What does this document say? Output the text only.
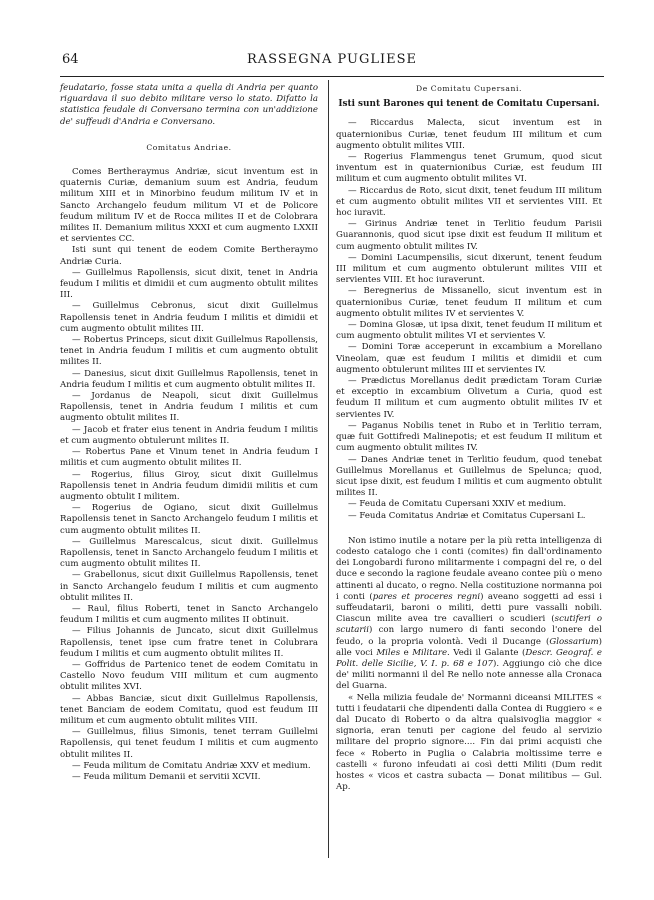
64	RASSEGNA PUGLIESE

feudatario, fosse stata unita a quella di Andria per quanto riguardava il suo debito militare verso lo stato. Difatto la statistica feudale di Conversano termina con un'addizione de' suffeudi d'Andria e Conversano.

Comitatus Andriae.

Comes Bertheraymus Andriæ, sicut inventum est in quaternis Curiæ, demanium suum est Andria, feudum militum XIII et in Minorbino feudum militum IV et in Sancto Archangelo feudum militum VI et de Policore feudum militum IV et de Rocca milites II et de Colobrara milites II. Demanium militus XXXI et cum augmento LXXII et servientes CC.

Isti sunt qui tenent de eodem Comite Bertheraymo Andriæ Curia.

— Guillelmus Rapollensis, sicut dixit, tenet in Andria feudum I militis et dimidii et cum augmento obtulit milites III.

— Guillelmus Cebronus, sicut dixit Guillelmus Rapollensis tenet in Andria feudum I militis et dimidii et cum augmento obtulit milites III.

— Robertus Princeps, sicut dixit Guillelmus Rapollensis, tenet in Andria feudum I militis et cum augmento obtulit milites II.

— Danesius, sicut dixit Guillelmus Rapollensis, tenet in Andria feudum I militis et cum augmento obtulit milites II.

— Jordanus de Neapoli, sicut dixit Guillelmus Rapollensis, tenet in Andria feudum I militis et cum augmento obtulit milites II.

— Jacob et frater eius tenent in Andria feudum I militis et cum augmento obtulerunt milites II.

— Robertus Pane et Vinum tenet in Andria feudum I militis et cum augmento obtulit milites II.

— Rogerius, filius Giroy, sicut dixit Guillelmus Rapollensis tenet in Andria feudum dimidii militis et cum augmento obtulit I militem.

— Rogerius de Ogiano, sicut dixit Guillelmus Rapollensis tenet in Sancto Archangelo feudum I militis et cum augmento obtulit milites II.

— Guillelmus Marescalcus, sicut dixit. Guillelmus Rapollensis, tenet in Sancto Archangelo feudum I militis et cum augmento obtulit milites II.

— Grabellonus, sicut dixit Guillelmus Rapollensis, tenet in Sancto Archangelo feudum I militis et cum augmento obtulit milites II.

— Raul, filius Roberti, tenet in Sancto Archangelo feudum I militis et cum augmento milites II obtinuit.

— Filius Johannis de Juncato, sicut dixit Guillelmus Rapollensis, tenet ipse cum fratre tenet in Colubrara feudum I militis et cum augmento obtulit milites II.

— Goffridus de Partenico tenet de eodem Comitatu in Castello Novo feudum VIII militum et cum augmento obtulit milites XVI.

— Abbas Banciæ, sicut dixit Guillelmus Rapollensis, tenet Banciam de eodem Comitatu, quod est feudum III militum et cum augmento obtulit milites VIII.

— Guillelmus, filius Simonis, tenet terram Guillelmi Rapollensis, qui tenet feudum I militis et cum augmento obtulit milites II.

— Feuda militum de Comitatu Andriæ XXV et medium.

— Feuda militum Demanii et servitii XCVII.

De Comitatu Cupersani.

Isti sunt Barones qui tenent de Comitatu Cupersani.

— Riccardus Malecta, sicut inventum est in quaternionibus Curiæ, tenet feudum III militum et cum augmento obtulit milites VIII.

— Rogerius Flammengus tenet Grumum, quod sicut inventum est in quaternionibus Curiæ, est feudum III militum et cum augmento obtulit milites VI.

— Riccardus de Roto, sicut dixit, tenet feudum III militum et cum augmento obtulit milites VII et servientes VIII. Et hoc iuravit.

— Girinus Andriæ tenet in Terlitio feudum Parisii Guarannonis, quod sicut ipse dixit est feudum II militum et cum augmento obtulit milites IV.

— Domini Lacumpensilis, sicut dixerunt, tenent feudum III militum et cum augmento obtulerunt milites VIII et servientes VIII. Et hoc iuraverunt.

— Beregnerius de Missanello, sicut inventum est in quaternionibus Curiæ, tenet feudum II militum et cum augmento obtulit milites IV et servientes V.

— Domina Glosæ, ut ipsa dixit, tenet feudum II militum et cum augmento obtulit milites VI et servientes V.

— Domini Toræ acceperunt in excambium a Morellano Vineolam, quæ est feudum I militis et dimidii et cum augmento obtulerunt milites III et servientes IV.

— Prædictus Morellanus dedit prædictam Toram Curiæ et exceptio in excambium Olivetum a Curia, quod est feudum II militum et cum augmento obtulit milites IV et servientes IV.

— Paganus Nobilis tenet in Rubo et in Terlitio terram, quæ fuit Gottifredi Malinepotis; et est feudum II militum et cum augmento obtulit milites IV.

— Danes Andriæ tenet in Terlitio feudum, quod tenebat Guillelmus Morellanus et Guillelmus de Spelunca; quod, sicut ipse dixit, est feudum I militis et cum augmento obtulit milites II.

— Feuda de Comitatu Cupersani XXIV et medium.

— Feuda Comitatus Andriæ et Comitatus Cupersani L.

Non istimo inutile a notare per la più retta intelligenza di codesto catalogo che i conti (comites) fin dall'ordinamento dei Longobardi furono militarmente i compagni del re, o del duce e secondo la ragione feudale aveano contee più o meno attinenti al ducato, o regno. Nella costituzione normanna poi i conti (pares et proceres regni) aveano soggetti ad essi i suffeudatarii, baroni o militi, detti pure vassalli nobili. Ciascun milite avea tre cavallieri o scudieri (scutiferi o scutarii) con largo numero di fanti secondo l'onere del feudo, o la propria volontà. Vedi il Ducange (Glossarium) alle voci Miles e Militare. Vedi il Galante (Descr. Geograf. e Polit. delle Sicilie, V. I. p. 68 e 107). Aggiungo ciò che dice de' militi normanni il del Re nello note annesse alla Cronaca del Guarna.

« Nella milizia feudale de' Normanni diceansi MILITES « tutti i feudatarii che dipendenti dalla Contea di Ruggiero « e dal Ducato di Roberto o da altra qualsivoglia maggior « signoria, eran tenuti per cagione del feudo al servizio militare del proprio signore.... Fin dai primi acquisti che fece « Roberto in Puglia o Calabria moltissime terre e castelli « furono infeudati ai così detti Militi (Dum redit hostes « vicos et castra subacta — Donat militibus — Gul. Ap.
